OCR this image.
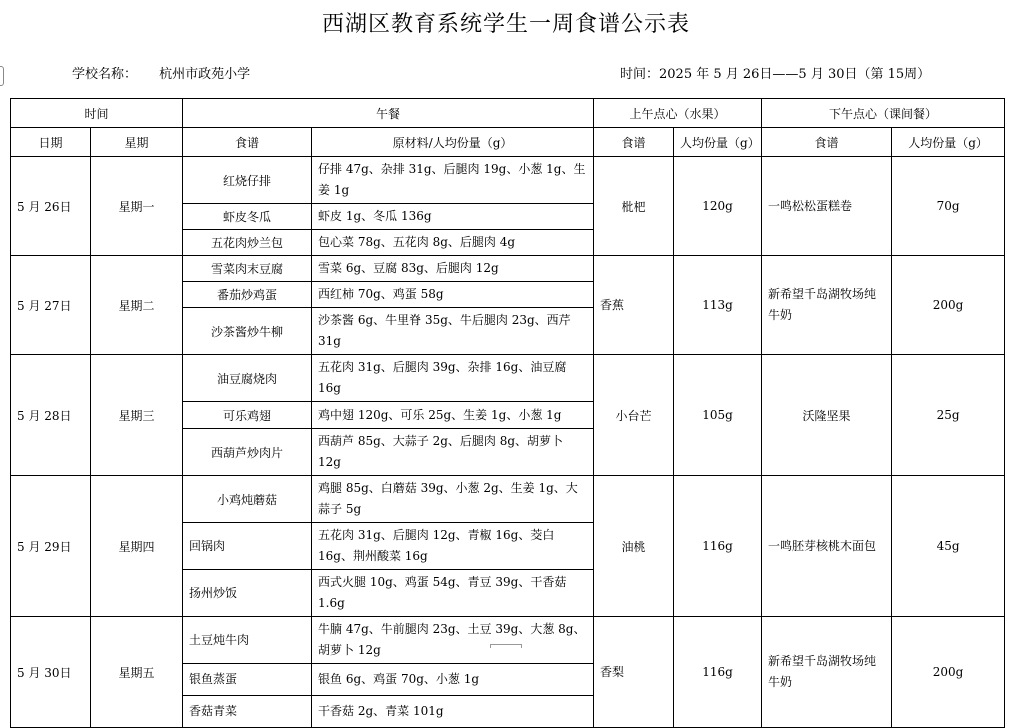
西湖区教育系统学生一周食谱公示表
学校名称： 杭州市政苑小学	时间：2025 年 5 月 26日——5 月 30日（第 15周）
时间		午餐		上午点心（水果）		下午点心（课间餐）	
日期	星期	食谱	原材料/人均份量（g）	食谱	人均份量（g）	食谱	人均份量（g）
5 月 26日	星期一	红烧仔排	仔排 47g、杂排 31g、后腿肉 19g、小葱 1g、生姜 1g	枇杷	120g	一鸣松松蛋糕卷	70g
		虾皮冬瓜	虾皮 1g、冬瓜 136g				
		五花肉炒兰包	包心菜 78g、五花肉 8g、后腿肉 4g				
5 月 27日	星期二	雪菜肉末豆腐	雪菜 6g、豆腐 83g、后腿肉 12g	香蕉	113g	新希望千岛湖牧场纯牛奶	200g
		番茄炒鸡蛋	西红柿 70g、鸡蛋 58g				
		沙茶酱炒牛柳	沙茶酱 6g、牛里脊 35g、牛后腿肉 23g、西芹 31g				
5 月 28日	星期三	油豆腐烧肉	五花肉 31g、后腿肉 39g、杂排 16g、油豆腐 16g	小台芒	105g	沃隆坚果	25g
		可乐鸡翅	鸡中翅 120g、可乐 25g、生姜 1g、小葱 1g				
		西葫芦炒肉片	西葫芦 85g、大蒜子 2g、后腿肉 8g、胡萝卜 12g				
5 月 29日	星期四	小鸡炖蘑菇	鸡腿 85g、白蘑菇 39g、小葱 2g、生姜 1g、大蒜子 5g	油桃	116g	一鸣胚芽核桃木面包	45g
		回锅肉	五花肉 31g、后腿肉 12g、青椒 16g、茭白 16g、荆州酸菜 16g				
		扬州炒饭	西式火腿 10g、鸡蛋 54g、青豆 39g、干香菇 1.6g				
5 月 30日	星期五	土豆炖牛肉	牛腩 47g、牛前腿肉 23g、土豆 39g、大葱 8g、胡萝卜 12g	香梨	116g	新希望千岛湖牧场纯牛奶	200g
		银鱼蒸蛋	银鱼 6g、鸡蛋 70g、小葱 1g				
		香菇青菜	干香菇 2g、青菜 101g				
